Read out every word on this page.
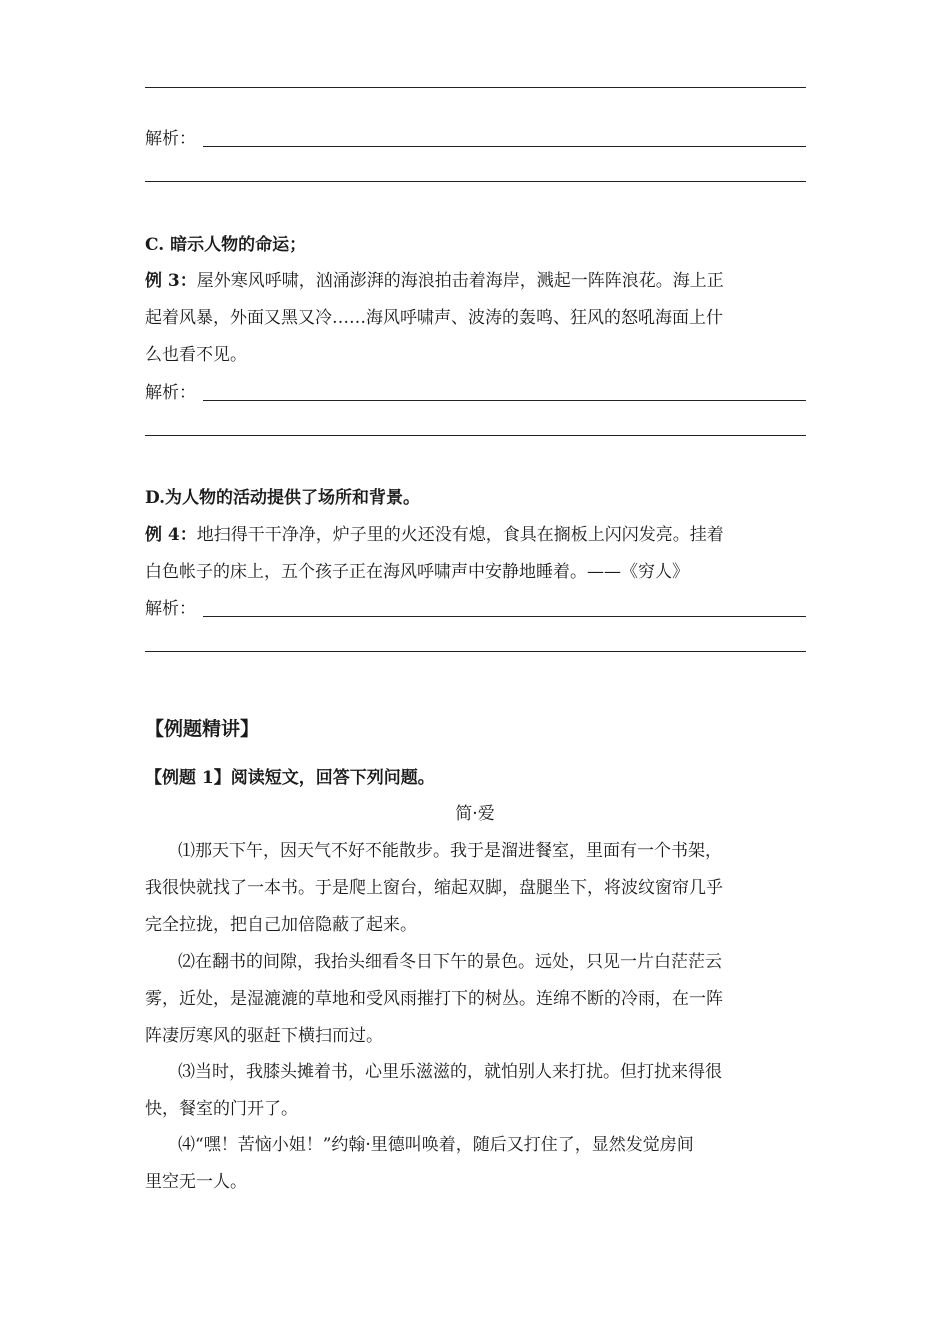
解析：
C. 暗示人物的命运；
例 3：屋外寒风呼啸，汹涌澎湃的海浪拍击着海岸，溅起一阵阵浪花。海上正
起着风暴，外面又黑又冷……海风呼啸声、波涛的轰鸣、狂风的怒吼海面上什
么也看不见。
解析：
D.为人物的活动提供了场所和背景。
例 4：地扫得干干净净，炉子里的火还没有熄，食具在搁板上闪闪发亮。挂着
白色帐子的床上，五个孩子正在海风呼啸声中安静地睡着。——《穷人》
解析：
【例题精讲】
【例题 1】阅读短文，回答下列问题。
简·爱
⑴那天下午，因天气不好不能散步。我于是溜进餐室，里面有一个书架，
我很快就找了一本书。于是爬上窗台，缩起双脚，盘腿坐下，将波纹窗帘几乎
完全拉拢，把自己加倍隐蔽了起来。
⑵在翻书的间隙，我抬头细看冬日下午的景色。远处，只见一片白茫茫云
雾，近处，是湿漉漉的草地和受风雨摧打下的树丛。连绵不断的冷雨，在一阵
阵凄厉寒风的驱赶下横扫而过。
⑶当时，我膝头摊着书，心里乐滋滋的，就怕别人来打扰。但打扰来得很
快，餐室的门开了。
⑷“嘿！苦恼小姐！”约翰·里德叫唤着，随后又打住了，显然发觉房间
里空无一人。
